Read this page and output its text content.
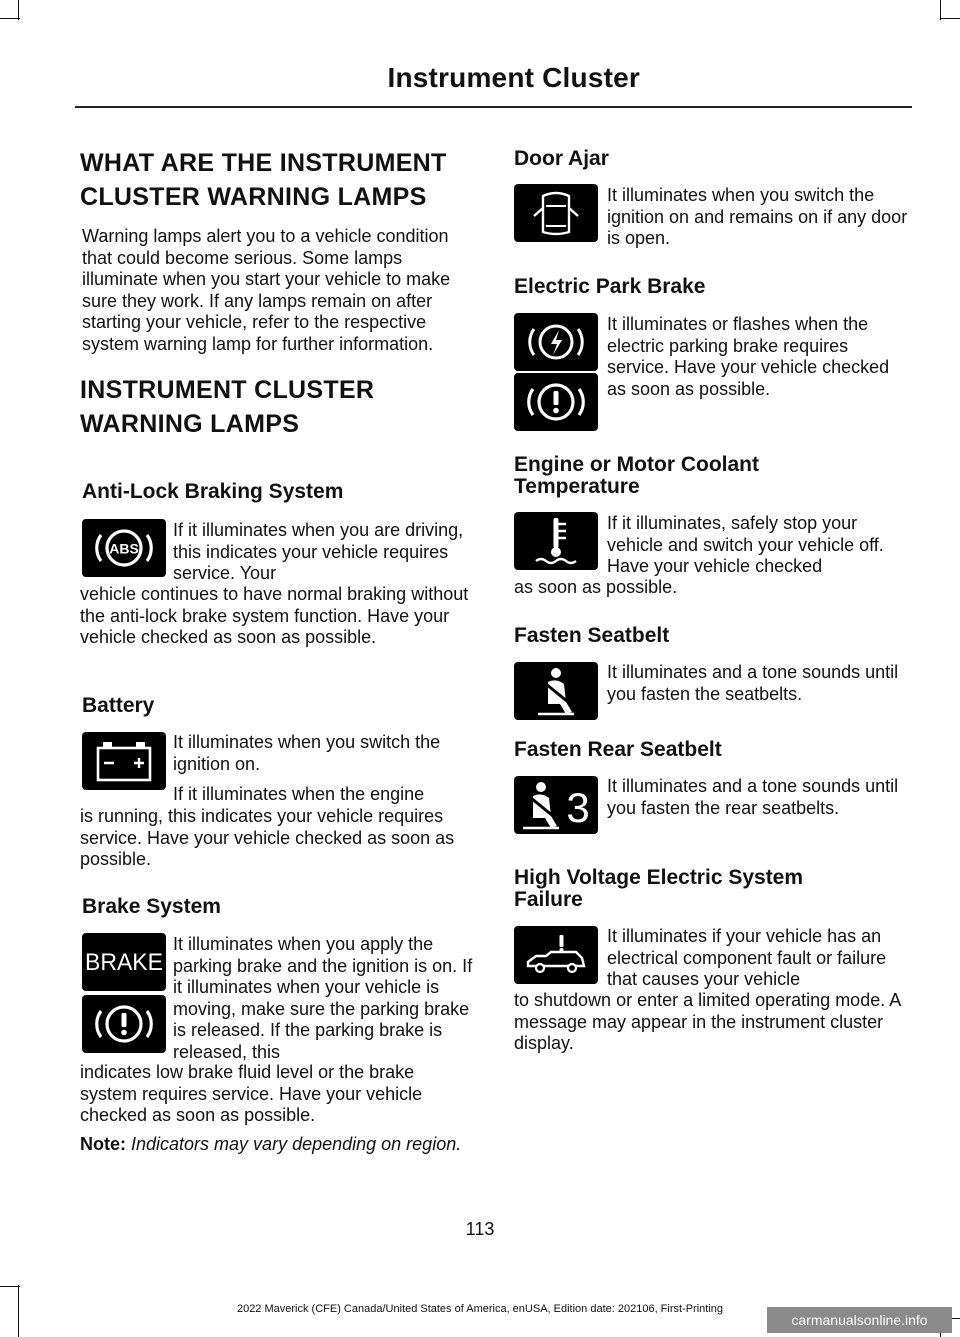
Instrument Cluster
WHAT ARE THE INSTRUMENT
CLUSTER WARNING LAMPS

Warning lamps alert you to a vehicle condition that could become serious. Some lamps illuminate when you start your vehicle to make sure they work. If any lamps remain on after starting your vehicle, refer to the respective system warning lamp for further information.

INSTRUMENT CLUSTER
WARNING LAMPS
Anti-Lock Braking System
ABS

If it illuminates when you are driving, this indicates your vehicle requires service. Your

vehicle continues to have normal braking without the anti-lock brake system function. Have your vehicle checked as soon as possible.

Battery

It illuminates when you switch the ignition on.

If it illuminates when the engine

is running, this indicates your vehicle requires service. Have your vehicle checked as soon as possible.

Brake System
BRAKE

It illuminates when you apply the parking brake and the ignition is on. If it illuminates when your vehicle is moving, make sure the parking brake is released. If the parking brake is released, this

indicates low brake fluid level or the brake system requires service. Have your vehicle checked as soon as possible.

Note: Indicators may vary depending on region.

Door Ajar

It illuminates when you switch the ignition on and remains on if any door is open.

Electric Park Brake

It illuminates or flashes when the electric parking brake requires service. Have your vehicle checked as soon as possible.

Engine or Motor Coolant
Temperature

If it illuminates, safely stop your vehicle and switch your vehicle off. Have your vehicle checked

as soon as possible.

Fasten Seatbelt

It illuminates and a tone sounds until you fasten the seatbelts.

Fasten Rear Seatbelt
3 It illuminates and a tone sounds until you fasten the rear seatbelts.

High Voltage Electric System
Failure

It illuminates if your vehicle has an electrical component fault or failure that causes your vehicle

to shutdown or enter a limited operating mode. A message may appear in the instrument cluster display.

113
2022 Maverick (CFE) Canada/United States of America, enUSA, Edition date: 202106, First-Printing
carmanualsonline.info
